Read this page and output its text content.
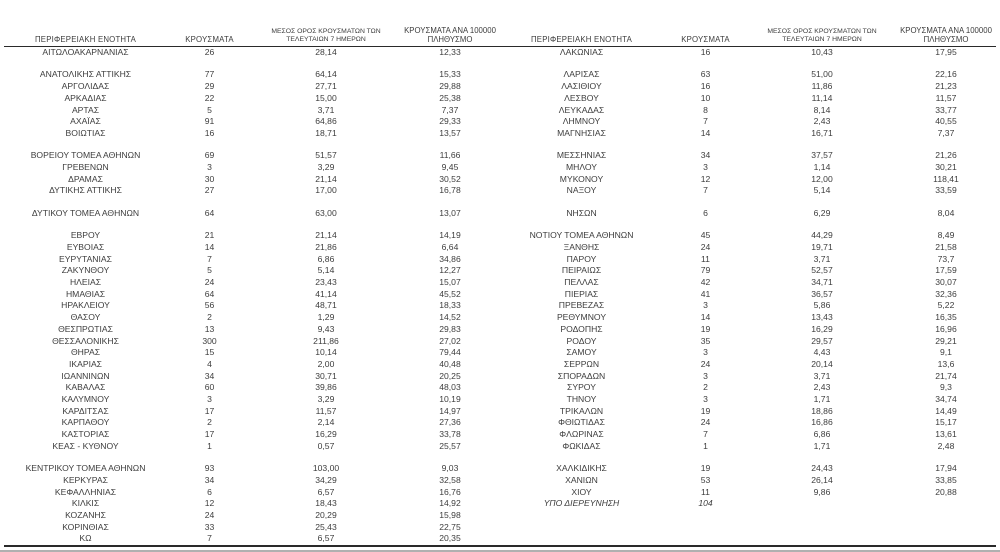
ΠΕΡΙΦΕΡΕΙΑΚΗ ΕΝΟΤΗΤΑ	ΚΡΟΥΣΜΑΤΑ	ΜΕΣΟΣ ΟΡΟΣ ΚΡΟΥΣΜΑΤΩΝ ΤΩΝ ΤΕΛΕΥΤΑΙΩΝ 7 ΗΜΕΡΩΝ	ΚΡΟΥΣΜΑΤΑ ΑΝΑ 100000 ΠΛΗΘΥΣΜΟ	ΠΕΡΙΦΕΡΕΙΑΚΗ ΕΝΟΤΗΤΑ	ΚΡΟΥΣΜΑΤΑ	ΜΕΣΟΣ ΟΡΟΣ ΚΡΟΥΣΜΑΤΩΝ ΤΩΝ ΤΕΛΕΥΤΑΙΩΝ 7 ΗΜΕΡΩΝ	ΚΡΟΥΣΜΑΤΑ ΑΝΑ 100000 ΠΛΗΘΥΣΜΟ

ΑΙΤΩΛΟΑΚΑΡΝΑΝΙΑΣ	26	28,14	12,33	ΛΑΚΩΝΙΑΣ	16	10,43	17,95

ΑΝΑΤΟΛΙΚΗΣ ΑΤΤΙΚΗΣ	77	64,14	15,33	ΛΑΡΙΣΑΣ	63	51,00	22,16
ΑΡΓΟΛΙΔΑΣ	29	27,71	29,88	ΛΑΣΙΘΙΟΥ	16	11,86	21,23
ΑΡΚΑΔΙΑΣ	22	15,00	25,38	ΛΕΣΒΟΥ	10	11,14	11,57
ΑΡΤΑΣ	5	3,71	7,37	ΛΕΥΚΑΔΑΣ	8	8,14	33,77
ΑΧΑΪΑΣ	91	64,86	29,33	ΛΗΜΝΟΥ	7	2,43	40,55
ΒΟΙΩΤΙΑΣ	16	18,71	13,57	ΜΑΓΝΗΣΙΑΣ	14	16,71	7,37

ΒΟΡΕΙΟΥ ΤΟΜΕΑ ΑΘΗΝΩΝ	69	51,57	11,66	ΜΕΣΣΗΝΙΑΣ	34	37,57	21,26
ΓΡΕΒΕΝΩΝ	3	3,29	9,45	ΜΗΛΟΥ	3	1,14	30,21
ΔΡΑΜΑΣ	30	21,14	30,52	ΜΥΚΟΝΟΥ	12	12,00	118,41
ΔΥΤΙΚΗΣ ΑΤΤΙΚΗΣ	27	17,00	16,78	ΝΑΞΟΥ	7	5,14	33,59

ΔΥΤΙΚΟΥ ΤΟΜΕΑ ΑΘΗΝΩΝ	64	63,00	13,07	ΝΗΣΩΝ	6	6,29	8,04

ΕΒΡΟΥ	21	21,14	14,19	ΝΟΤΙΟΥ ΤΟΜΕΑ ΑΘΗΝΩΝ	45	44,29	8,49
ΕΥΒΟΙΑΣ	14	21,86	6,64	ΞΑΝΘΗΣ	24	19,71	21,58
ΕΥΡΥΤΑΝΙΑΣ	7	6,86	34,86	ΠΑΡΟΥ	11	3,71	73,7
ΖΑΚΥΝΘΟΥ	5	5,14	12,27	ΠΕΙΡΑΙΩΣ	79	52,57	17,59
ΗΛΕΙΑΣ	24	23,43	15,07	ΠΕΛΛΑΣ	42	34,71	30,07
ΗΜΑΘΙΑΣ	64	41,14	45,52	ΠΙΕΡΙΑΣ	41	36,57	32,36
ΗΡΑΚΛΕΙΟΥ	56	48,71	18,33	ΠΡΕΒΕΖΑΣ	3	5,86	5,22
ΘΑΣΟΥ	2	1,29	14,52	ΡΕΘΥΜΝΟΥ	14	13,43	16,35
ΘΕΣΠΡΩΤΙΑΣ	13	9,43	29,83	ΡΟΔΟΠΗΣ	19	16,29	16,96
ΘΕΣΣΑΛΟΝΙΚΗΣ	300	211,86	27,02	ΡΟΔΟΥ	35	29,57	29,21
ΘΗΡΑΣ	15	10,14	79,44	ΣΑΜΟΥ	3	4,43	9,1
ΙΚΑΡΙΑΣ	4	2,00	40,48	ΣΕΡΡΩΝ	24	20,14	13,6
ΙΩΑΝΝΙΝΩΝ	34	30,71	20,25	ΣΠΟΡΑΔΩΝ	3	3,71	21,74
ΚΑΒΑΛΑΣ	60	39,86	48,03	ΣΥΡΟΥ	2	2,43	9,3
ΚΑΛΥΜΝΟΥ	3	3,29	10,19	ΤΗΝΟΥ	3	1,71	34,74
ΚΑΡΔΙΤΣΑΣ	17	11,57	14,97	ΤΡΙΚΑΛΩΝ	19	18,86	14,49
ΚΑΡΠΑΘΟΥ	2	2,14	27,36	ΦΘΙΩΤΙΔΑΣ	24	16,86	15,17
ΚΑΣΤΟΡΙΑΣ	17	16,29	33,78	ΦΛΩΡΙΝΑΣ	7	6,86	13,61
ΚΕΑΣ - ΚΥΘΝΟΥ	1	0,57	25,57	ΦΩΚΙΔΑΣ	1	1,71	2,48

ΚΕΝΤΡΙΚΟΥ ΤΟΜΕΑ ΑΘΗΝΩΝ	93	103,00	9,03	ΧΑΛΚΙΔΙΚΗΣ	19	24,43	17,94
ΚΕΡΚΥΡΑΣ	34	34,29	32,58	ΧΑΝΙΩΝ	53	26,14	33,85
ΚΕΦΑΛΛΗΝΙΑΣ	6	6,57	16,76	ΧΙΟΥ	11	9,86	20,88
ΚΙΛΚΙΣ	12	18,43	14,92	ΥΠΟ ΔΙΕΡΕΥΝΗΣΗ	104		
ΚΟΖΑΝΗΣ	24	20,29	15,98				
ΚΟΡΙΝΘΙΑΣ	33	25,43	22,75				
ΚΩ	7	6,57	20,35				
